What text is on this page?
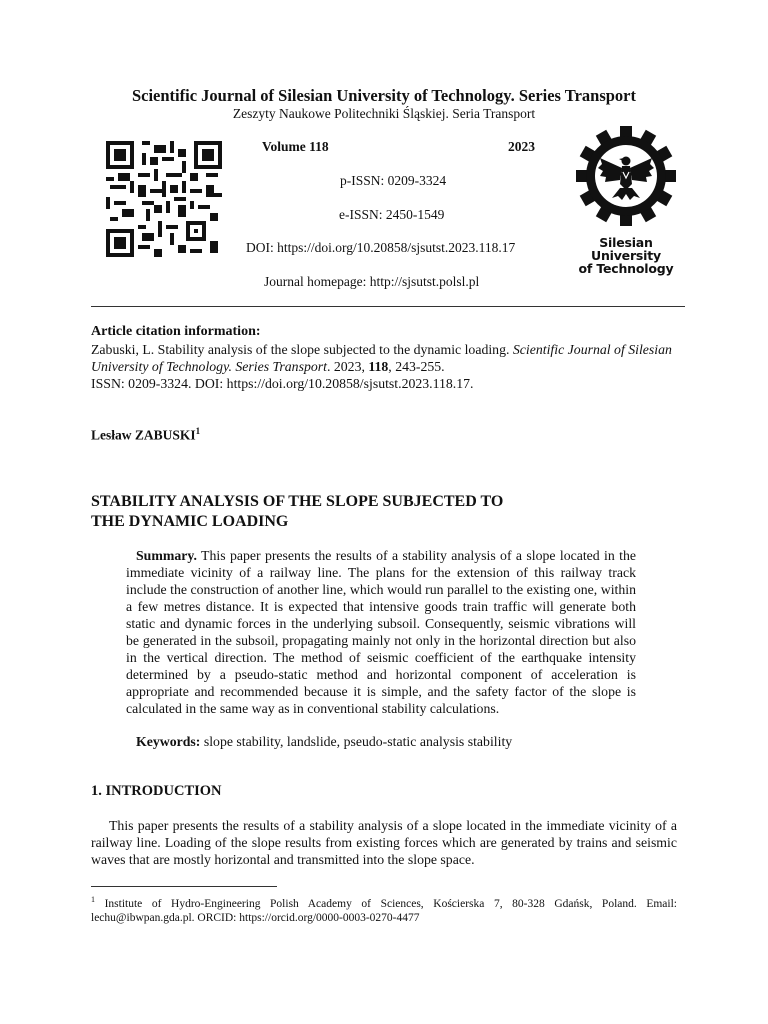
Scientific Journal of Silesian University of Technology. Series Transport
Zeszyty Naukowe Politechniki Śląskiej. Seria Transport
Volume 118	2023
p-ISSN: 0209-3324
e-ISSN: 2450-1549
DOI: https://doi.org/10.20858/sjsutst.2023.118.17
Journal homepage: http://sjsutst.polsl.pl
Silesian
University
of Technology
Article citation information:
Zabuski, L. Stability analysis of the slope subjected to the dynamic loading. Scientific Journal of Silesian University of Technology. Series Transport. 2023, 118, 243-255.
ISSN: 0209-3324. DOI: https://doi.org/10.20858/sjsutst.2023.118.17.
Lesław ZABUSKI$^1$
STABILITY ANALYSIS OF THE SLOPE SUBJECTED TO
THE DYNAMIC LOADING
Summary. This paper presents the results of a stability analysis of a slope located in the immediate vicinity of a railway line. The plans for the extension of this railway track include the construction of another line, which would run parallel to the existing one, within a few metres distance. It is expected that intensive goods train traffic will generate both static and dynamic forces in the underlying subsoil. Consequently, seismic vibrations will be generated in the subsoil, propagating mainly not only in the horizontal direction but also in the vertical direction. The method of seismic coefficient of the earthquake intensity determined by a pseudo-static method and horizontal component of acceleration is appropriate and recommended because it is simple, and the safety factor of the slope is calculated in the same way as in conventional stability calculations.
Keywords: slope stability, landslide, pseudo-static analysis stability
1. INTRODUCTION
This paper presents the results of a stability analysis of a slope located in the immediate vicinity of a railway line. Loading of the slope results from existing forces which are generated by trains and seismic waves that are mostly horizontal and transmitted into the slope space.
$^1$ Institute of Hydro-Engineering Polish Academy of Sciences, Kościerska 7, 80-328 Gdańsk, Poland. Email: lechu@ibwpan.gda.pl. ORCID: https://orcid.org/0000-0003-0270-4477
